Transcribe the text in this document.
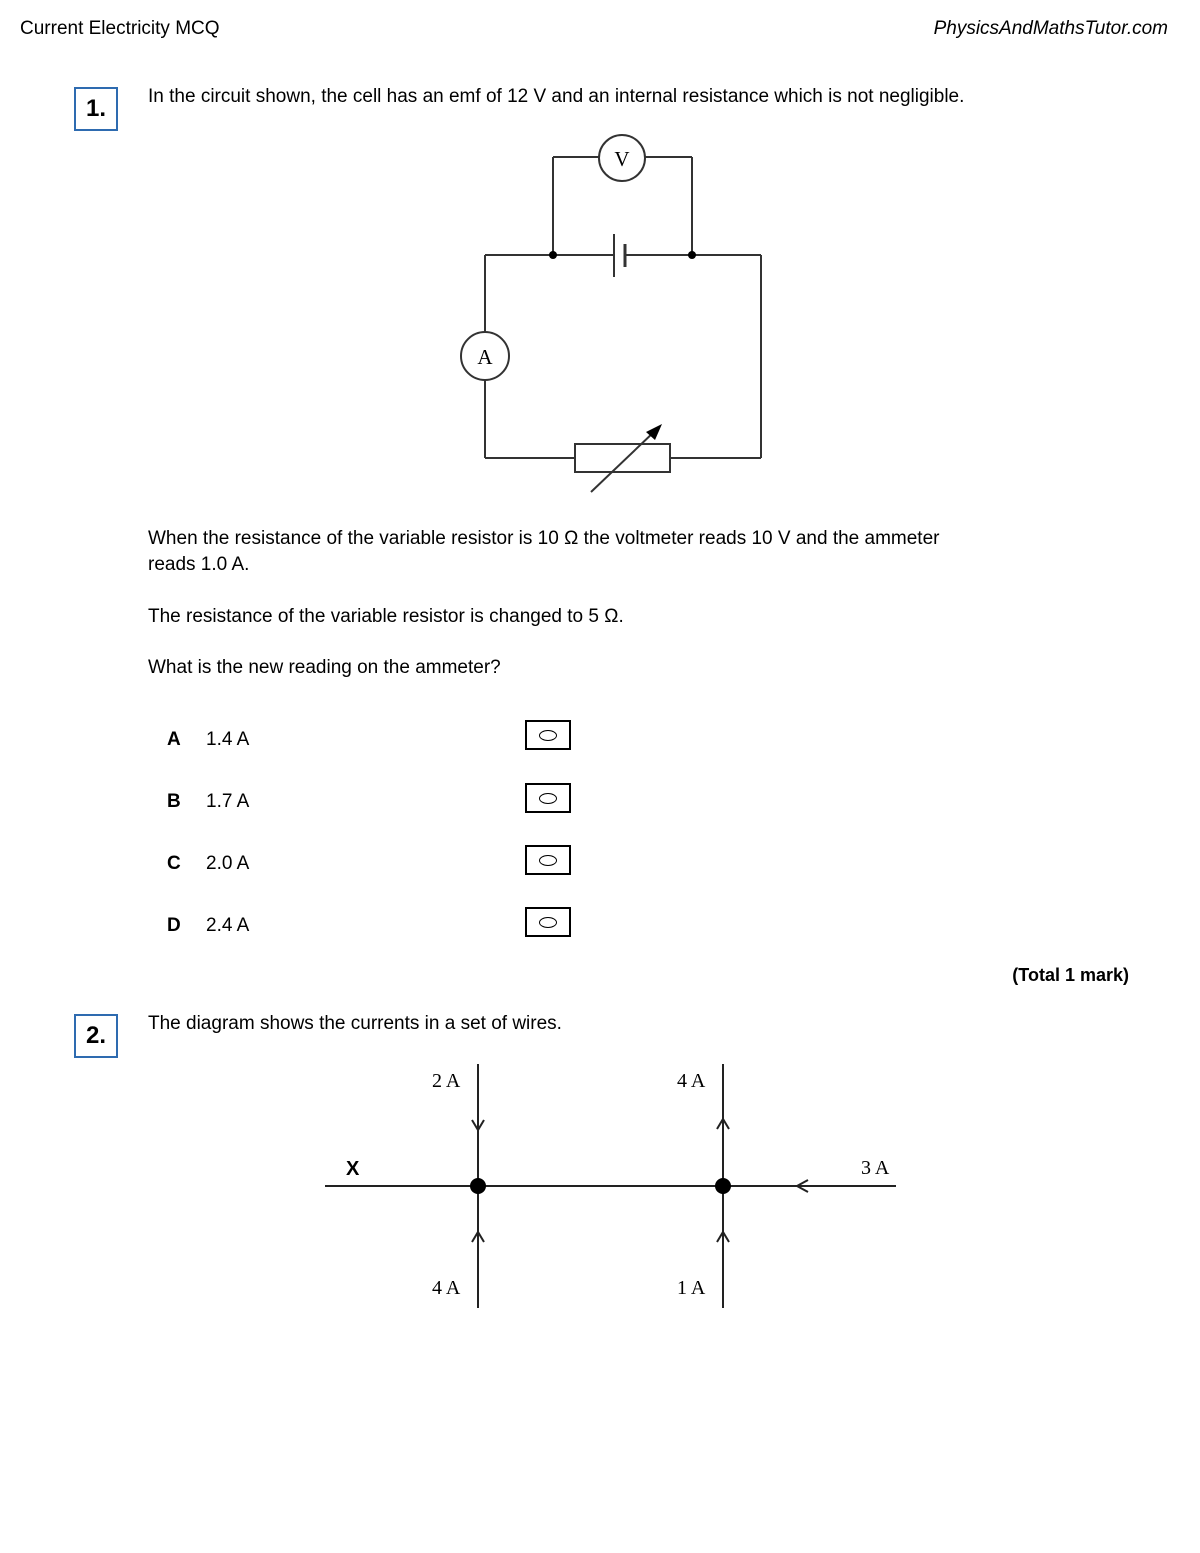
Current Electricity MCQ	PhysicsAndMathsTutor.com
1.	In the circuit shown, the cell has an emf of 12 V and an internal resistance which is not negligible.
V
A
When the resistance of the variable resistor is 10 Ω the voltmeter reads 10 V and the ammeter
reads 1.0 A.
The resistance of the variable resistor is changed to 5 Ω.
What is the new reading on the ammeter?
A 1.4 A
B 1.7 A
C 2.0 A
D 2.4 A
(Total 1 mark)
2.	The diagram shows the currents in a set of wires.
X
2 A	4 A
3 A
4 A	1 A
